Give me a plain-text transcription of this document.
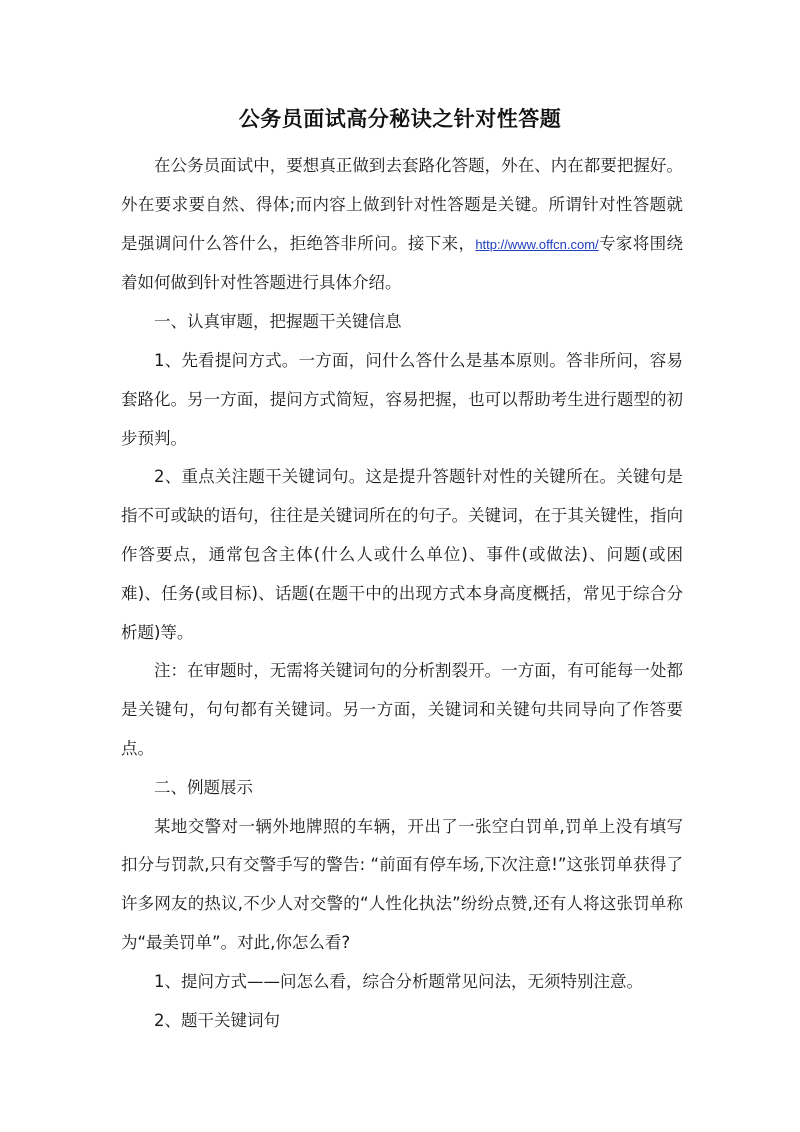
公务员面试高分秘诀之针对性答题

在公务员面试中，要想真正做到去套路化答题，外在、内在都要把握好。外在要求要自然、得体;而内容上做到针对性答题是关键。所谓针对性答题就是强调问什么答什么，拒绝答非所问。接下来，http://www.offcn.com/专家将围绕着如何做到针对性答题进行具体介绍。

一、认真审题，把握题干关键信息

1、先看提问方式。一方面，问什么答什么是基本原则。答非所问，容易套路化。另一方面，提问方式简短，容易把握，也可以帮助考生进行题型的初步预判。

2、重点关注题干关键词句。这是提升答题针对性的关键所在。关键句是指不可或缺的语句，往往是关键词所在的句子。关键词，在于其关键性，指向作答要点，通常包含主体(什么人或什么单位)、事件(或做法)、问题(或困难)、任务(或目标)、话题(在题干中的出现方式本身高度概括，常见于综合分析题)等。

注：在审题时，无需将关键词句的分析割裂开。一方面，有可能每一处都是关键句，句句都有关键词。另一方面，关键词和关键句共同导向了作答要点。

二、例题展示

某地交警对一辆外地牌照的车辆，开出了一张空白罚单,罚单上没有填写扣分与罚款,只有交警手写的警告: “前面有停车场,下次注意!”这张罚单获得了许多网友的热议,不少人对交警的“人性化执法”纷纷点赞,还有人将这张罚单称为“最美罚单”。对此,你怎么看?

1、提问方式——问怎么看，综合分析题常见问法，无须特别注意。

2、题干关键词句
